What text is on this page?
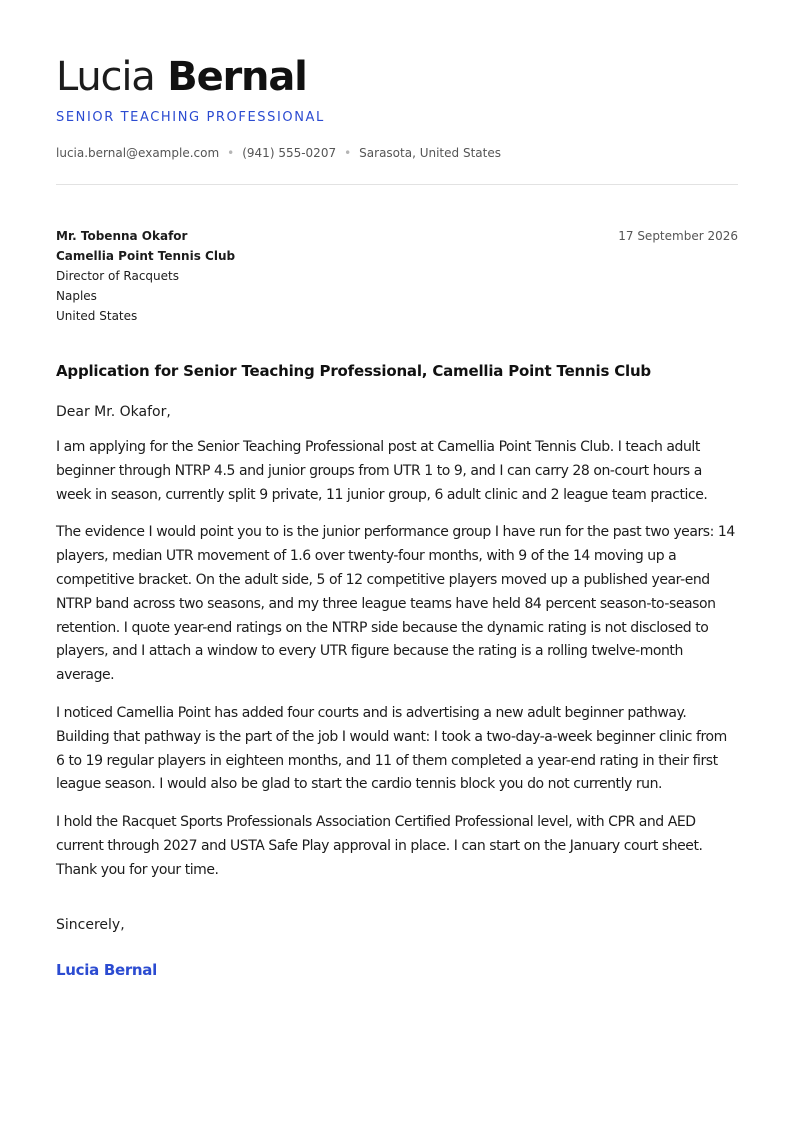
Lucia Bernal
SENIOR TEACHING PROFESSIONAL
lucia.bernal@example.com • (941) 555-0207 • Sarasota, United States
Mr. Tobenna Okafor
Camellia Point Tennis Club
Director of Racquets
Naples
United States
17 September 2026
Application for Senior Teaching Professional, Camellia Point Tennis Club
Dear Mr. Okafor,

I am applying for the Senior Teaching Professional post at Camellia Point Tennis Club. I teach adult beginner through NTRP 4.5 and junior groups from UTR 1 to 9, and I can carry 28 on-court hours a week in season, currently split 9 private, 11 junior group, 6 adult clinic and 2 league team practice.

The evidence I would point you to is the junior performance group I have run for the past two years: 14 players, median UTR movement of 1.6 over twenty-four months, with 9 of the 14 moving up a competitive bracket. On the adult side, 5 of 12 competitive players moved up a published year-end NTRP band across two seasons, and my three league teams have held 84 percent season-to-season retention. I quote year-end ratings on the NTRP side because the dynamic rating is not disclosed to players, and I attach a window to every UTR figure because the rating is a rolling twelve-month average.

I noticed Camellia Point has added four courts and is advertising a new adult beginner pathway. Building that pathway is the part of the job I would want: I took a two-day-a-week beginner clinic from 6 to 19 regular players in eighteen months, and 11 of them completed a year-end rating in their first league season. I would also be glad to start the cardio tennis block you do not currently run.

I hold the Racquet Sports Professionals Association Certified Professional level, with CPR and AED current through 2027 and USTA Safe Play approval in place. I can start on the January court sheet. Thank you for your time.

Sincerely,
Lucia Bernal
